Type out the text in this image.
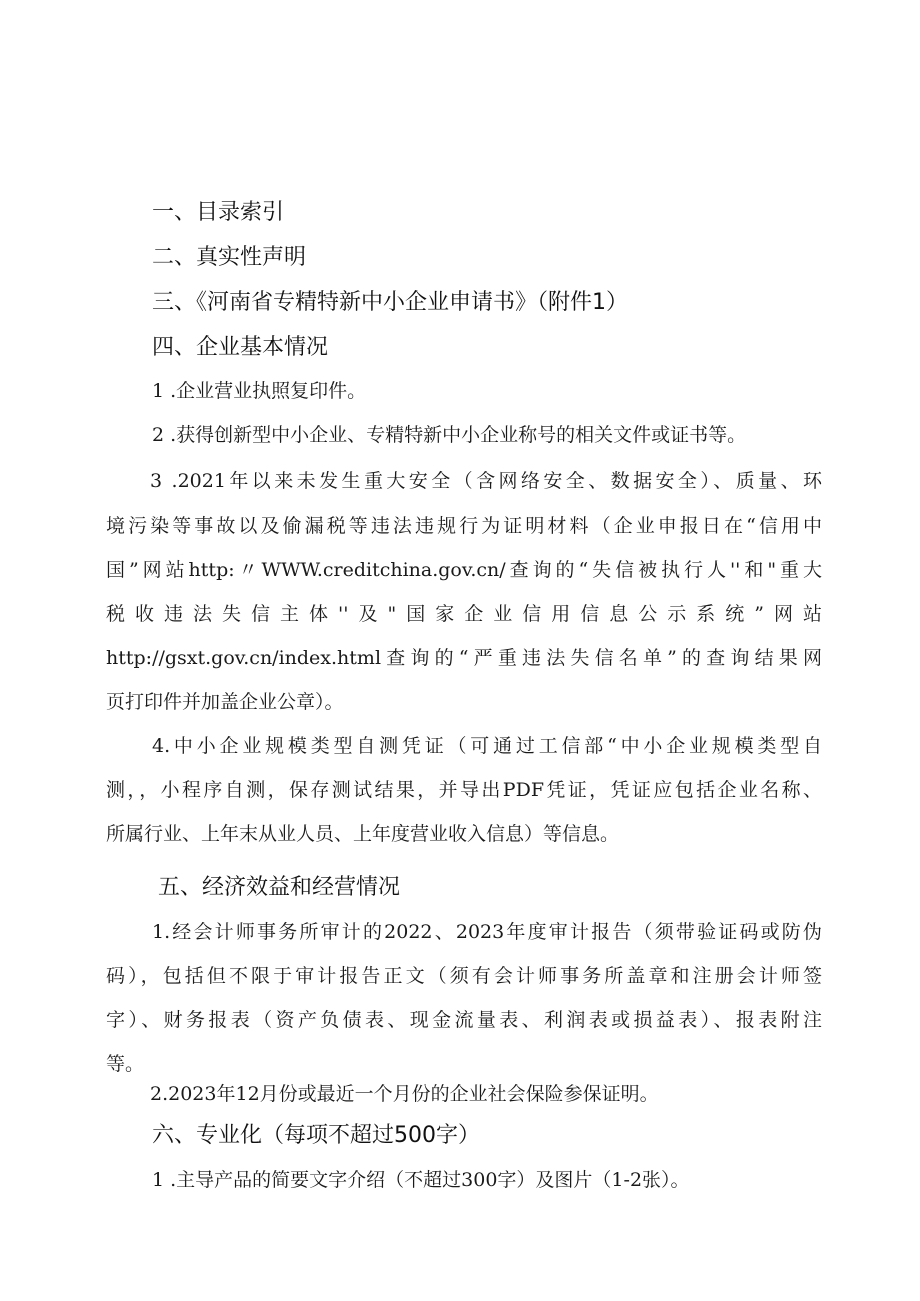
一、目录索引
二、真实性声明
三、《河南省专精特新中小企业申请书》（附件1）
四、企业基本情况
1 .企业营业执照复印件。
2 .获得创新型中小企业、专精特新中小企业称号的相关文件或证书等。
3 .2021年以来未发生重大安全（含网络安全、数据安全）、质量、环
境污染等事故以及偷漏税等违法违规行为证明材料（企业申报日在“信用中
国”网站http:〃WWW.creditchina.gov.cn/查询的“失信被执行人''和"重大
税收违法失信主体''及"国家企业信用信息公示系统”网站
http://gsxt.gov.cn/index.html查询的“严重违法失信名单”的查询结果网
页打印件并加盖企业公章）。
4.中小企业规模类型自测凭证（可通过工信部“中小企业规模类型自
测，，小程序自测，保存测试结果，并导出PDF凭证，凭证应包括企业名称、
所属行业、上年末从业人员、上年度营业收入信息）等信息。
五、经济效益和经营情况
1.经会计师事务所审计的2022、2023年度审计报告（须带验证码或防伪
码），包括但不限于审计报告正文（须有会计师事务所盖章和注册会计师签
字）、财务报表（资产负债表、现金流量表、利润表或损益表）、报表附注
等。
2.2023年12月份或最近一个月份的企业社会保险参保证明。
六、专业化（每项不超过500字）
1 .主导产品的简要文字介绍（不超过300字）及图片（1-2张）。
